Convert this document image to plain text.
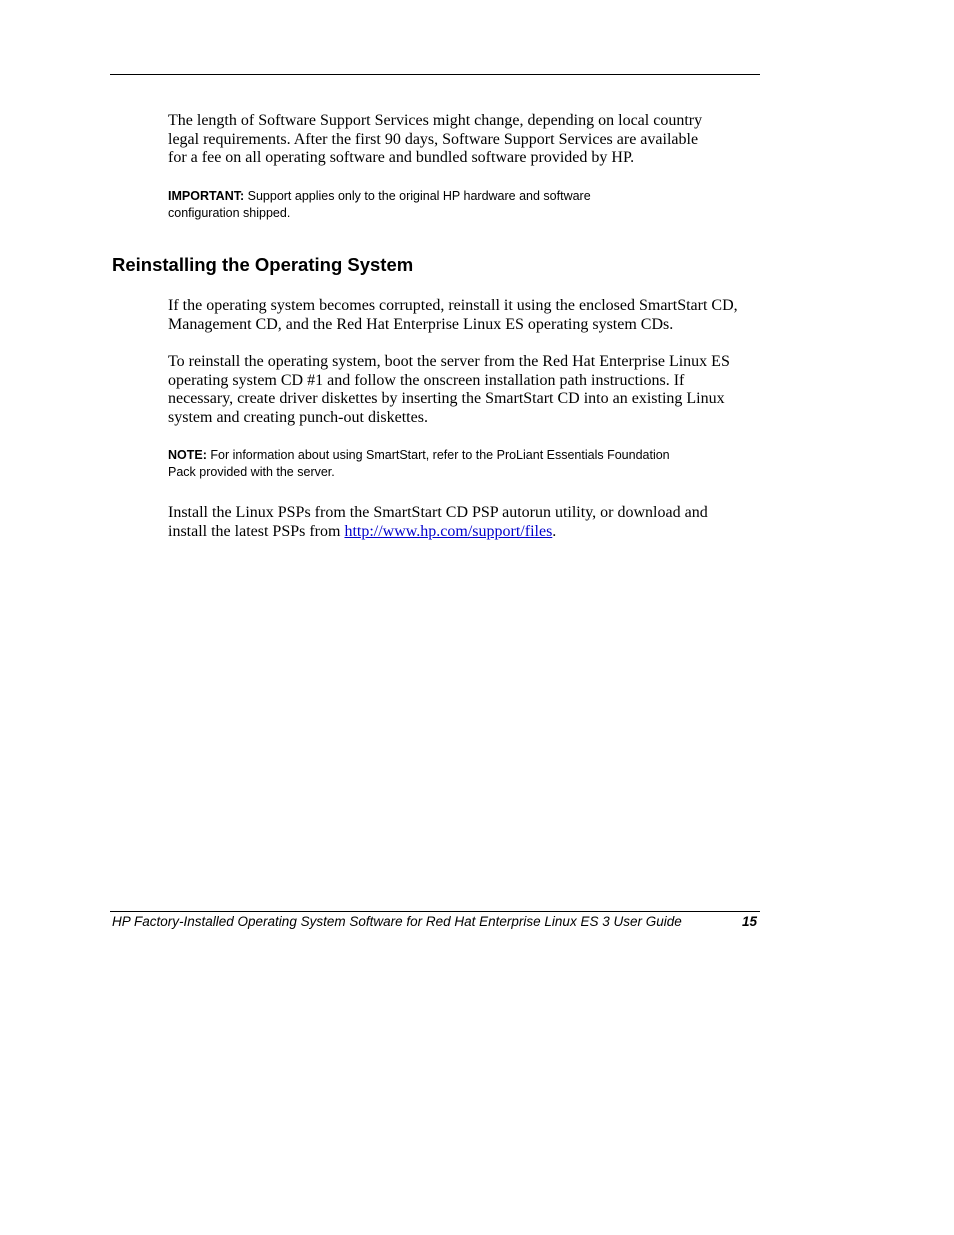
The length of Software Support Services might change, depending on local country
legal requirements. After the first 90 days, Software Support Services are available
for a fee on all operating software and bundled software provided by HP.

IMPORTANT: Support applies only to the original HP hardware and software
configuration shipped.

Reinstalling the Operating System

If the operating system becomes corrupted, reinstall it using the enclosed SmartStart CD,
Management CD, and the Red Hat Enterprise Linux ES operating system CDs.

To reinstall the operating system, boot the server from the Red Hat Enterprise Linux ES
operating system CD #1 and follow the onscreen installation path instructions. If
necessary, create driver diskettes by inserting the SmartStart CD into an existing Linux
system and creating punch-out diskettes.

NOTE: For information about using SmartStart, refer to the ProLiant Essentials Foundation
Pack provided with the server.

Install the Linux PSPs from the SmartStart CD PSP autorun utility, or download and
install the latest PSPs from http://www.hp.com/support/files.

HP Factory-Installed Operating System Software for Red Hat Enterprise Linux ES 3 User Guide	15
